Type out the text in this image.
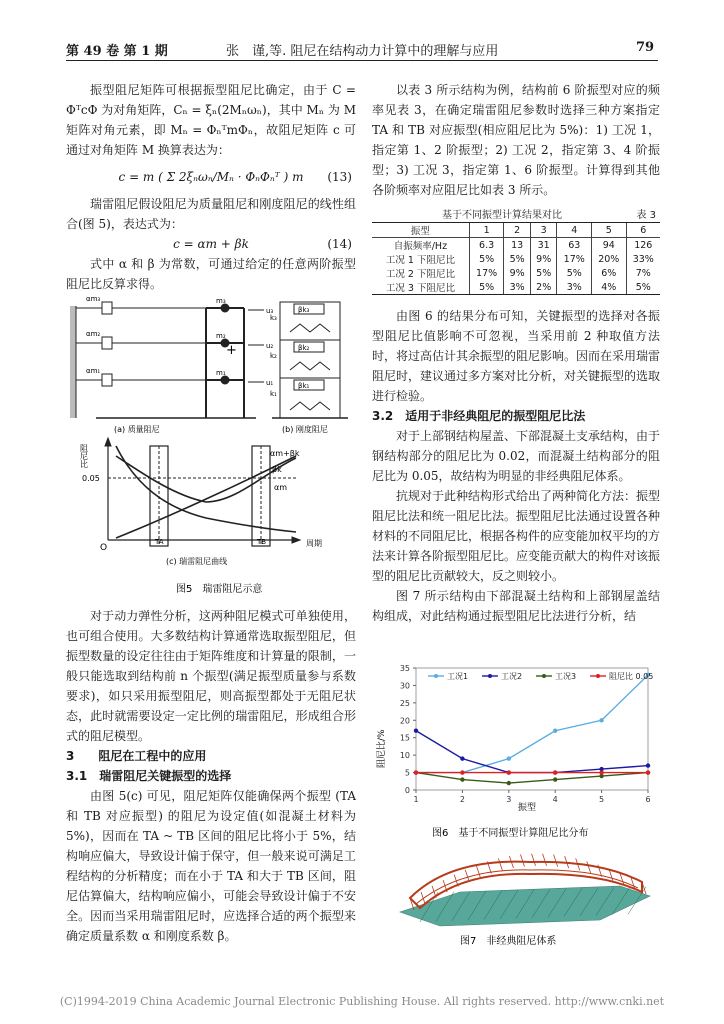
第 49 卷 第 1 期	张　谨,等. 阻尼在结构动力计算中的理解与应用	79

振型阻尼矩阵可根据振型阻尼比确定，由于 C = ΦᵀcΦ 为对角矩阵，Cₙ = ξₙ(2Mₙωₙ)，其中 Mₙ 为 M 矩阵对角元素，即 Mₙ = ΦₙᵀmΦₙ，故阻尼矩阵 c 可通过对角矩阵 M 换算表达为：

c = m ( Σ 2ξₙωₙ/Mₙ · ΦₙΦₙᵀ ) m (13)

瑞雷阻尼假设阻尼为质量阻尼和刚度阻尼的线性组合(图 5)，表达式为：

c = αm + βk	(14)

式中 α 和 β 为常数，可通过给定的任意两阶振型阻尼比反算求得。

αm₃
αm₂
αm₁
m₃
m₂
m₁
u₃
u₂
u₁
+
(a) 质量阻尼
βk₃
βk₂
βk₁
k₃
k₂
k₁
(b) 刚度阻尼
阻尼比
0.05
O
TA	TB	周期
αm+βk
βk
αm
(c) 瑞雷阻尼曲线
图5　瑞雷阻尼示意

对于动力弹性分析，这两种阻尼模式可单独使用，也可组合使用。大多数结构计算通常选取振型阻尼，但振型数量的设定往往由于矩阵维度和计算量的限制，一般只能选取到结构前 n 个振型(满足振型质量参与系数要求)，如只采用振型阻尼，则高振型都处于无阻尼状态，此时就需要设定一定比例的瑞雷阻尼，形成组合形式的阻尼模型。

3　　阻尼在工程中的应用

3.1　瑞雷阻尼关键振型的选择

由图 5(c) 可见，阻尼矩阵仅能确保两个振型 (TA 和 TB 对应振型) 的阻尼为设定值(如混凝土材料为 5%)，因而在 TA ~ TB 区间的阻尼比将小于 5%，结构响应偏大，导致设计偏于保守，但一般来说可满足工程结构的分析精度；而在小于 TA 和大于 TB 区间，阻尼估算偏大，结构响应偏小，可能会导致设计偏于不安全。因而当采用瑞雷阻尼时，应选择合适的两个振型来确定质量系数 α 和刚度系数 β。

以表 3 所示结构为例，结构前 6 阶振型对应的频率见表 3，在确定瑞雷阻尼参数时选择三种方案指定 TA 和 TB 对应振型(相应阻尼比为 5%)：1) 工况 1，指定第 1、2 阶振型；2) 工况 2，指定第 3、4 阶振型；3) 工况 3，指定第 1、6 阶振型。计算得到其他各阶频率对应阻尼比如表 3 所示。

基于不同振型计算结果对比	表 3
振型	1	2	3	4	5	6
自振频率/Hz	6.3	13	31	63	94	126
工况 1 下阻尼比	5%	5%	9%	17%	20%	33%
工况 2 下阻尼比	17%	9%	5%	5%	6%	7%
工况 3 下阻尼比	5%	3%	2%	3%	4%	5%

由图 6 的结果分布可知，关键振型的选择对各振型阻尼比值影响不可忽视，当采用前 2 种取值方法时，将过高估计其余振型的阻尼影响。因而在采用瑞雷阻尼时，建议通过多方案对比分析，对关键振型的选取进行检验。

3.2　适用于非经典阻尼的振型阻尼比法

对于上部钢结构屋盖、下部混凝土支承结构，由于钢结构部分的阻尼比为 0.02，而混凝土结构部分的阻尼比为 0.05，故结构为明显的非经典阻尼体系。

抗规对于此种结构形式给出了两种简化方法：振型阻尼比法和统一阻尼比法。振型阻尼比法通过设置各种材料的不同阻尼比，根据各构件的应变能加权平均的方法来计算各阶振型阻尼比。应变能贡献大的构件对该振型的阻尼比贡献较大，反之则较小。

图 7 所示结构由下部混凝土结构和上部钢屋盖结构组成，对此结构通过振型阻尼比法进行分析，结

0
5
10
15
20
25
30
35
1	2	3	4	5	6
工况1	工况2	工况3	阻尼比 0.05
阻尼比/%
振型
图6　基于不同振型计算阻尼比分布
图7　非经典阻尼体系
(C)1994-2019 China Academic Journal Electronic Publishing House. All rights reserved. http://www.cnki.net
